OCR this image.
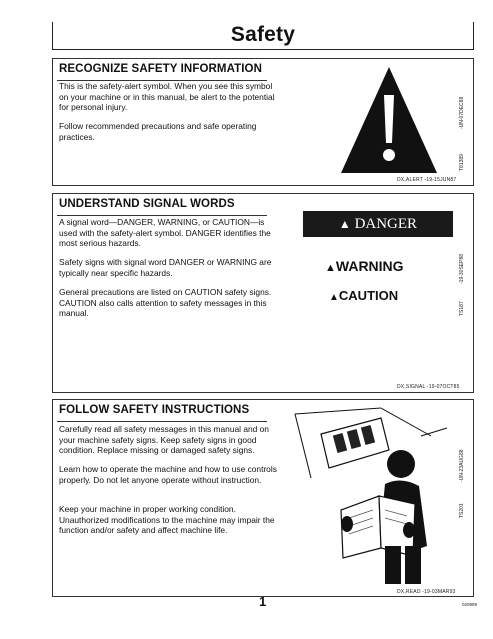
Safety
RECOGNIZE SAFETY INFORMATION

This is the safety-alert symbol. When you see this symbol on your machine or in this manual, be alert to the potential for personal injury.

Follow recommended precautions and safe operating practices.

-UN-07DEC88
T81389
DX,ALERT -19-15JUN87
UNDERSTAND SIGNAL WORDS

A signal word—DANGER, WARNING, or CAUTION—is used with the safety-alert symbol. DANGER identifies the most serious hazards.

Safety signs with signal word DANGER or WARNING are typically near specific hazards.

General precautions are listed on CAUTION safety signs. CAUTION also calls attention to safety messages in this manual.

▲ DANGER
▲WARNING
▲CAUTION
-19-30SEP88
TS187
DX,SIGNAL -19-07OCT85
FOLLOW SAFETY INSTRUCTIONS

Carefully read all safety messages in this manual and on your machine safety signs. Keep safety signs in good condition. Replace missing or damaged safety signs.

Learn how to operate the machine and how to use controls properly. Do not let anyone operate without instruction.

Keep your machine in proper working condition. Unauthorized modifications to the machine may impair the function and/or safety and affect machine life.

-UN-23AUG88
TS201
DX,READ -19-03MAR93
1	020999
